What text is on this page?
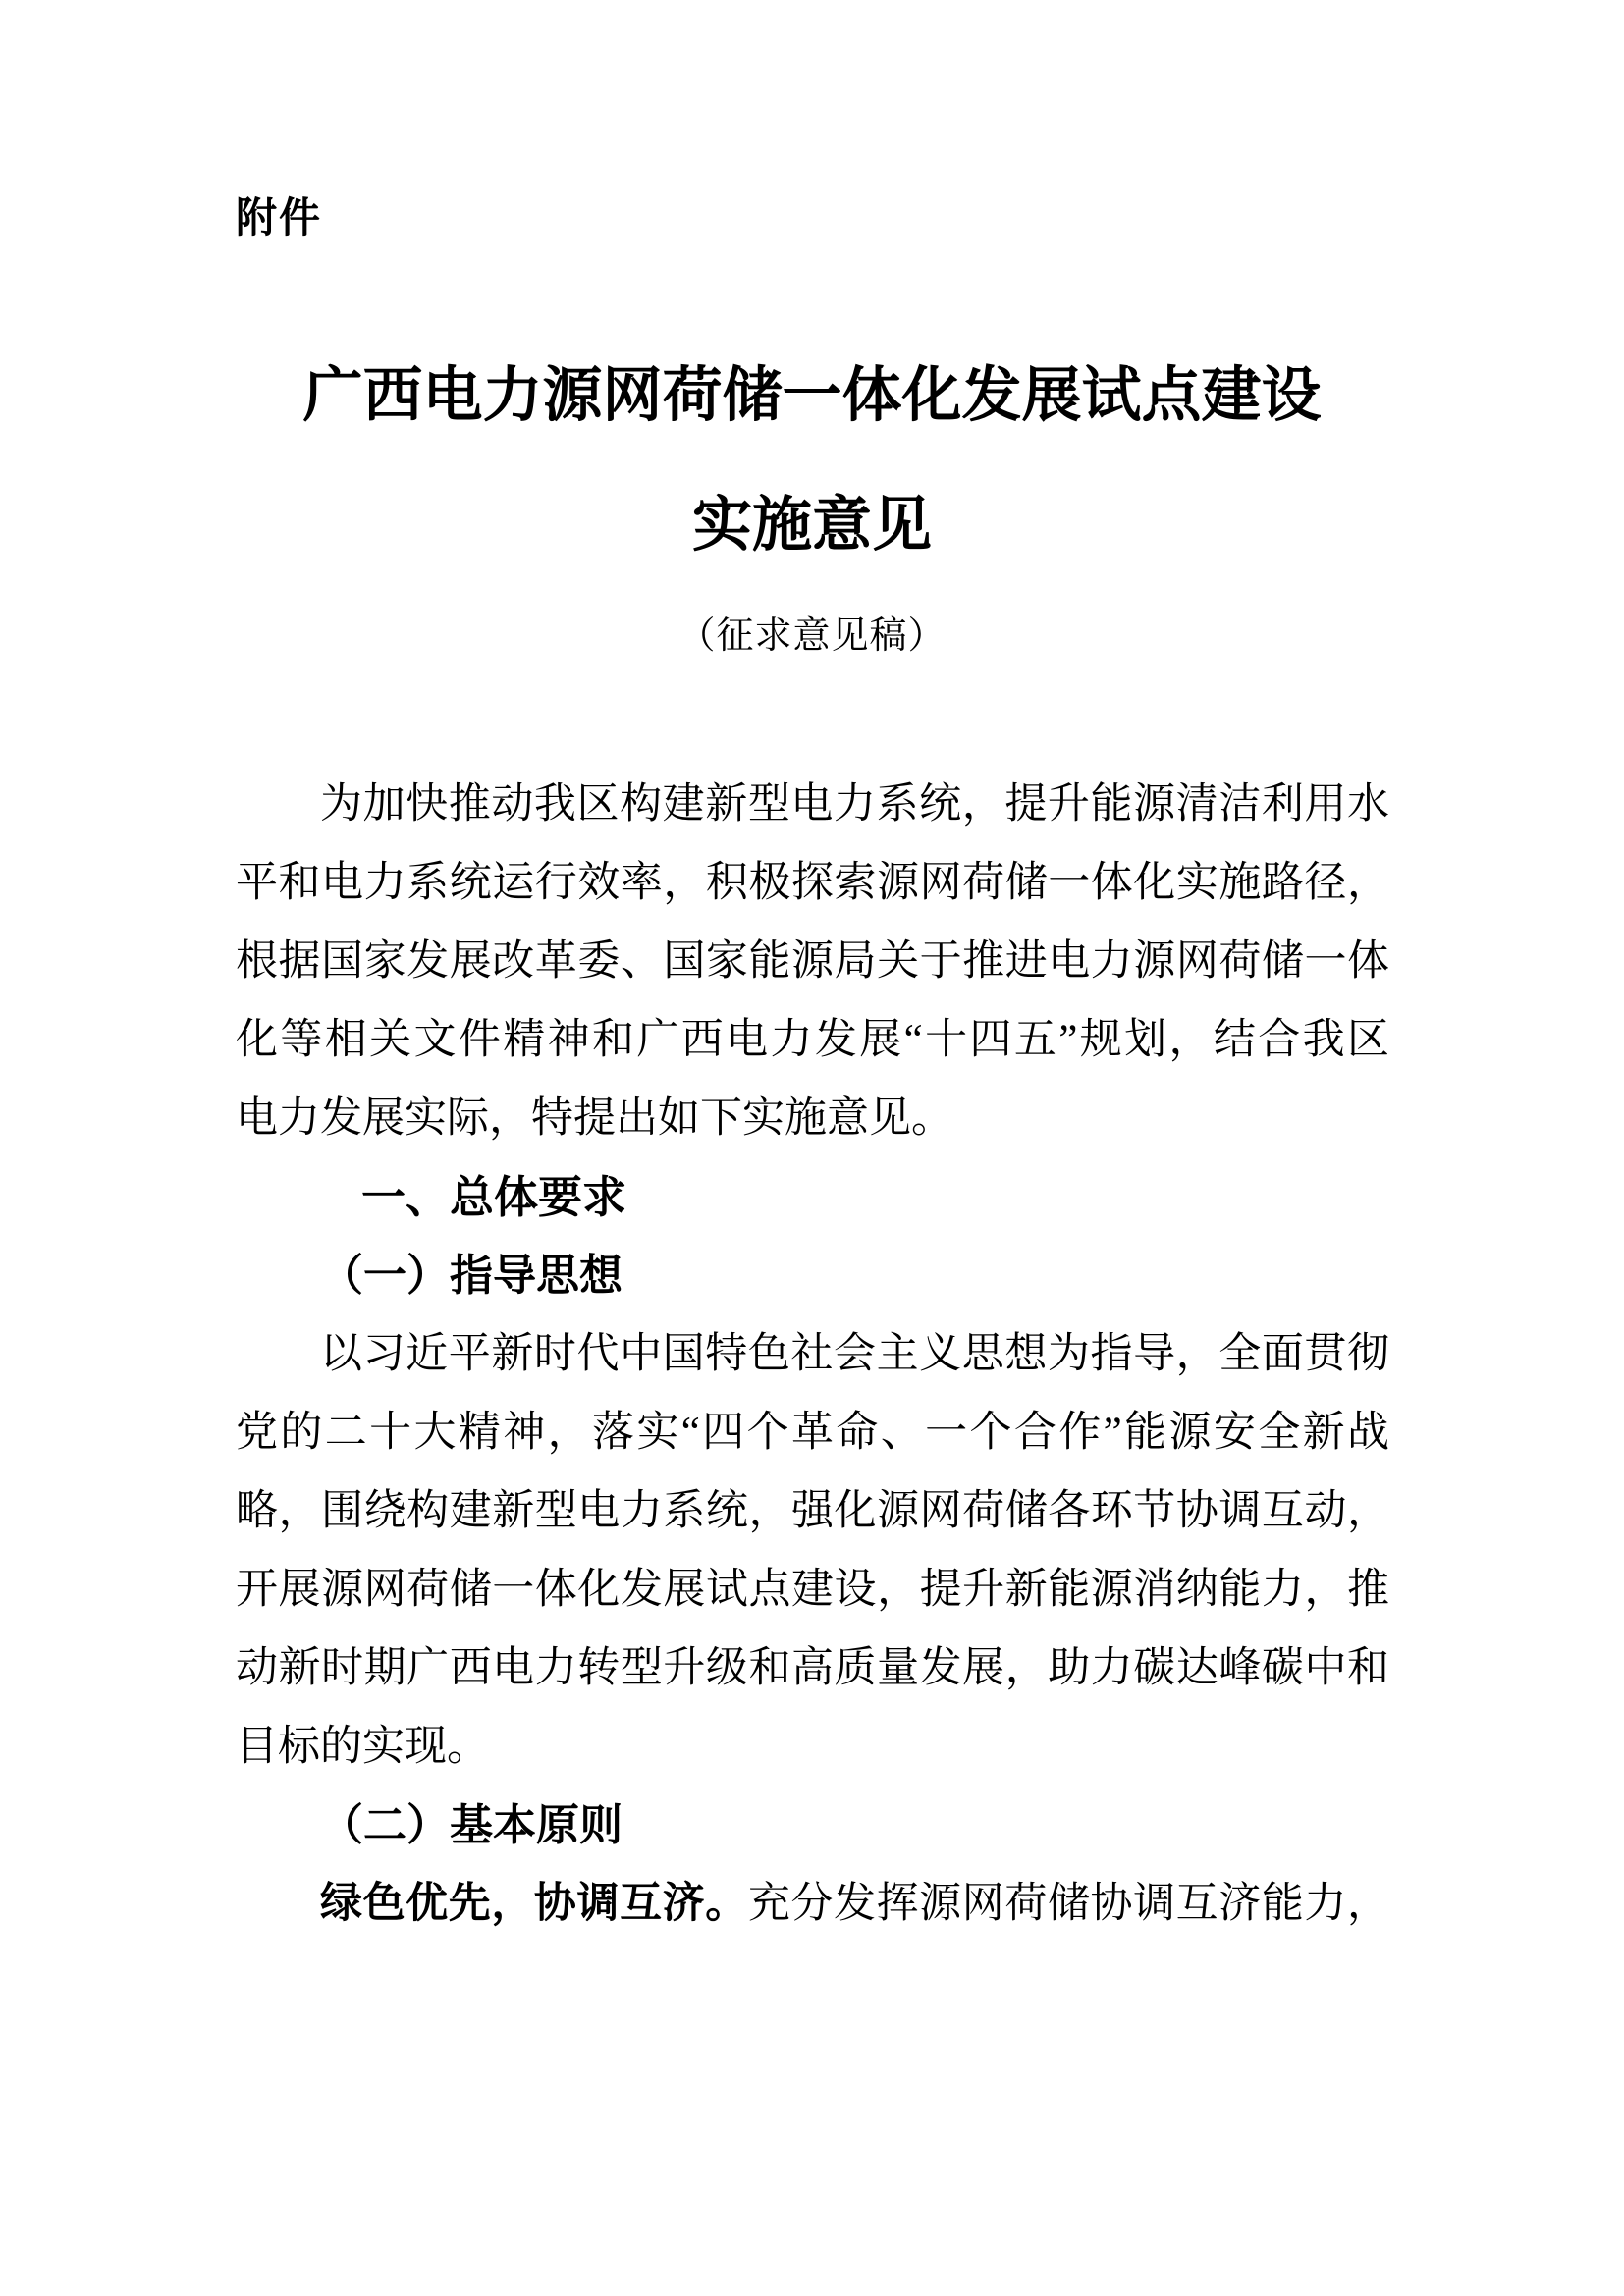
附件
广西电力源网荷储一体化发展试点建设
实施意见
（征求意见稿）
为加快推动我区构建新型电力系统，提升能源清洁利用水
平和电力系统运行效率，积极探索源网荷储一体化实施路径，
根据国家发展改革委、国家能源局关于推进电力源网荷储一体
化等相关文件精神和广西电力发展“十四五”规划，结合我区
电力发展实际，特提出如下实施意见。
一、总体要求
（一）指导思想
以习近平新时代中国特色社会主义思想为指导，全面贯彻
党的二十大精神，落实“四个革命、一个合作”能源安全新战
略，围绕构建新型电力系统，强化源网荷储各环节协调互动，
开展源网荷储一体化发展试点建设，提升新能源消纳能力，推
动新时期广西电力转型升级和高质量发展，助力碳达峰碳中和
目标的实现。
（二）基本原则
绿色优先，协调互济。充分发挥源网荷储协调互济能力，
